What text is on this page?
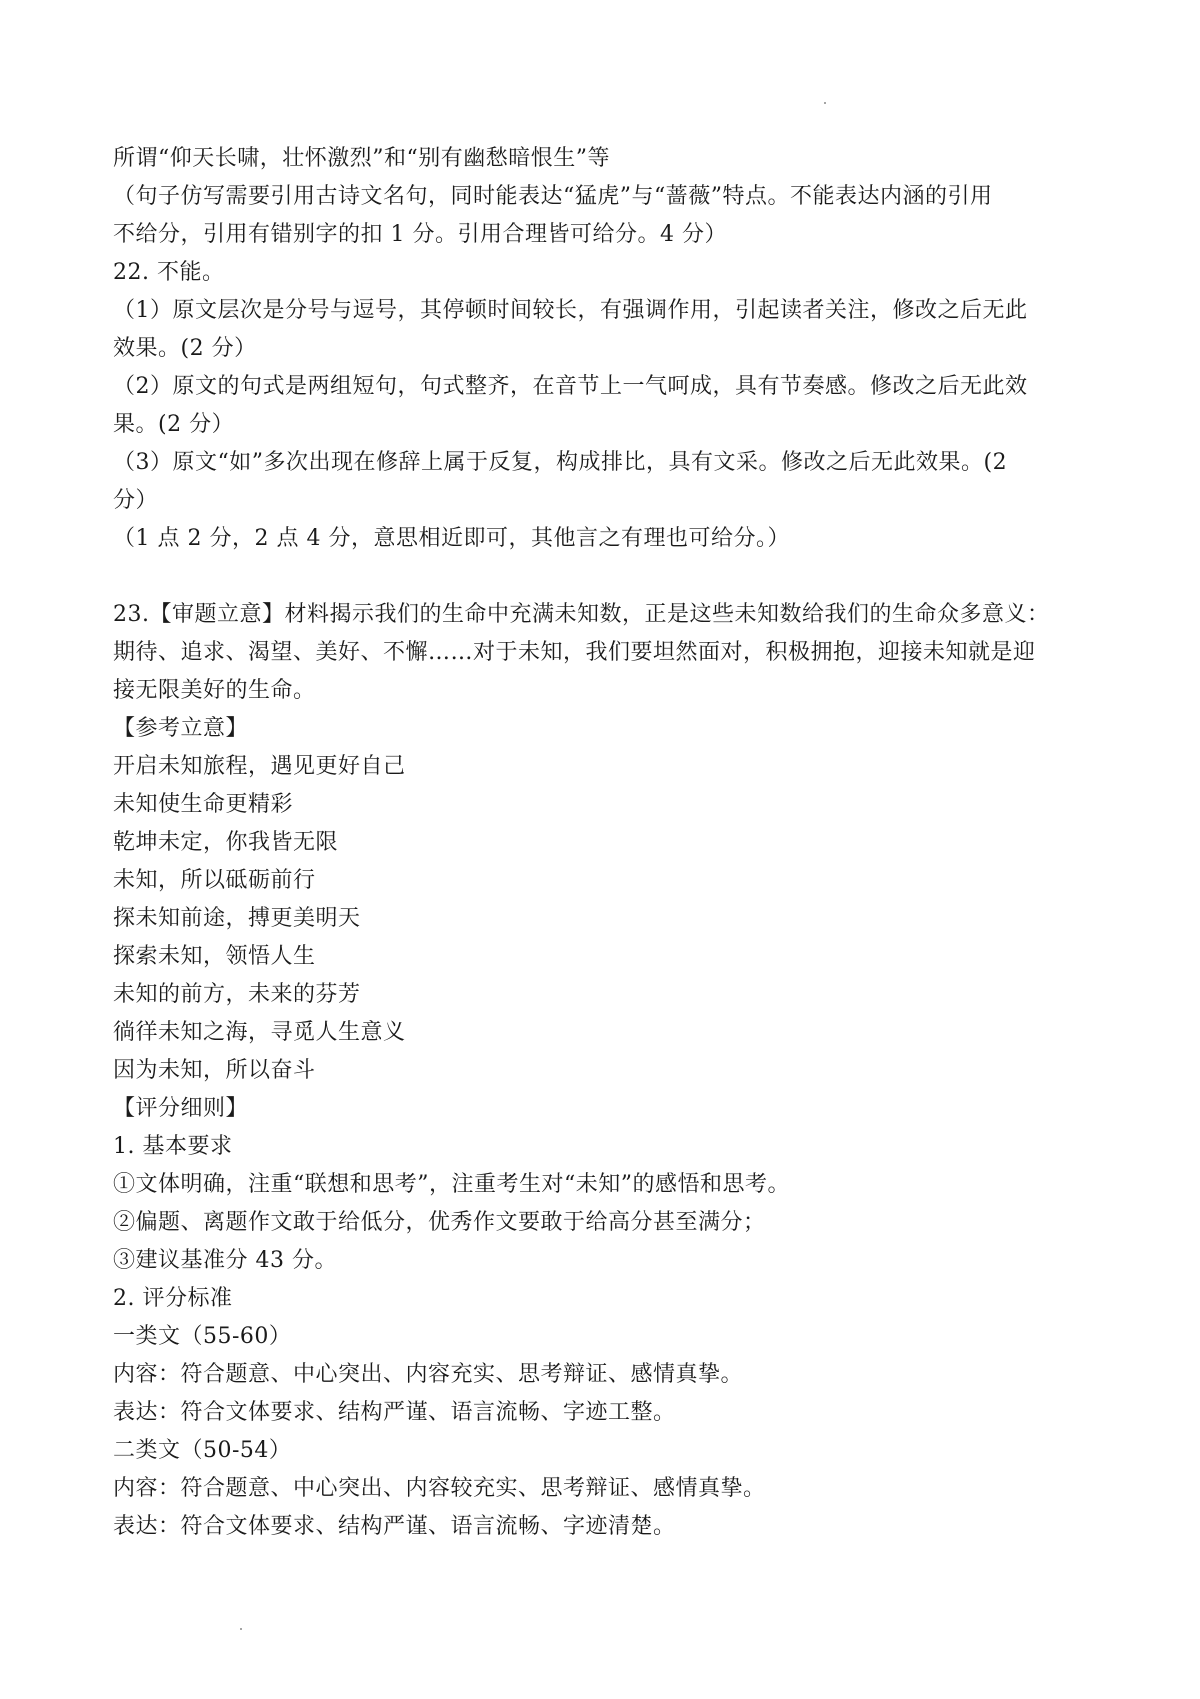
所谓“仰天长啸，壮怀激烈”和“别有幽愁暗恨生”等
（句子仿写需要引用古诗文名句，同时能表达“猛虎”与“蔷薇”特点。不能表达内涵的引用
不给分，引用有错别字的扣 1 分。引用合理皆可给分。4 分）
22. 不能。
（1）原文层次是分号与逗号，其停顿时间较长，有强调作用，引起读者关注，修改之后无此
效果。(2 分）
（2）原文的句式是两组短句，句式整齐，在音节上一气呵成，具有节奏感。修改之后无此效
果。(2 分）
（3）原文“如”多次出现在修辞上属于反复，构成排比，具有文采。修改之后无此效果。(2
分）
（1 点 2 分，2 点 4 分，意思相近即可，其他言之有理也可给分。）
23.【审题立意】材料揭示我们的生命中充满未知数，正是这些未知数给我们的生命众多意义：
期待、追求、渴望、美好、不懈……对于未知，我们要坦然面对，积极拥抱，迎接未知就是迎
接无限美好的生命。
【参考立意】
开启未知旅程，遇见更好自己
未知使生命更精彩
乾坤未定，你我皆无限
未知，所以砥砺前行
探未知前途，搏更美明天
探索未知，领悟人生
未知的前方，未来的芬芳
徜徉未知之海，寻觅人生意义
因为未知，所以奋斗
【评分细则】
1. 基本要求
①文体明确，注重“联想和思考”，注重考生对“未知”的感悟和思考。
②偏题、离题作文敢于给低分，优秀作文要敢于给高分甚至满分；
③建议基准分 43 分。
2. 评分标准
一类文（55-60）
内容：符合题意、中心突出、内容充实、思考辩证、感情真挚。
表达：符合文体要求、结构严谨、语言流畅、字迹工整。
二类文（50-54）
内容：符合题意、中心突出、内容较充实、思考辩证、感情真挚。
表达：符合文体要求、结构严谨、语言流畅、字迹清楚。
